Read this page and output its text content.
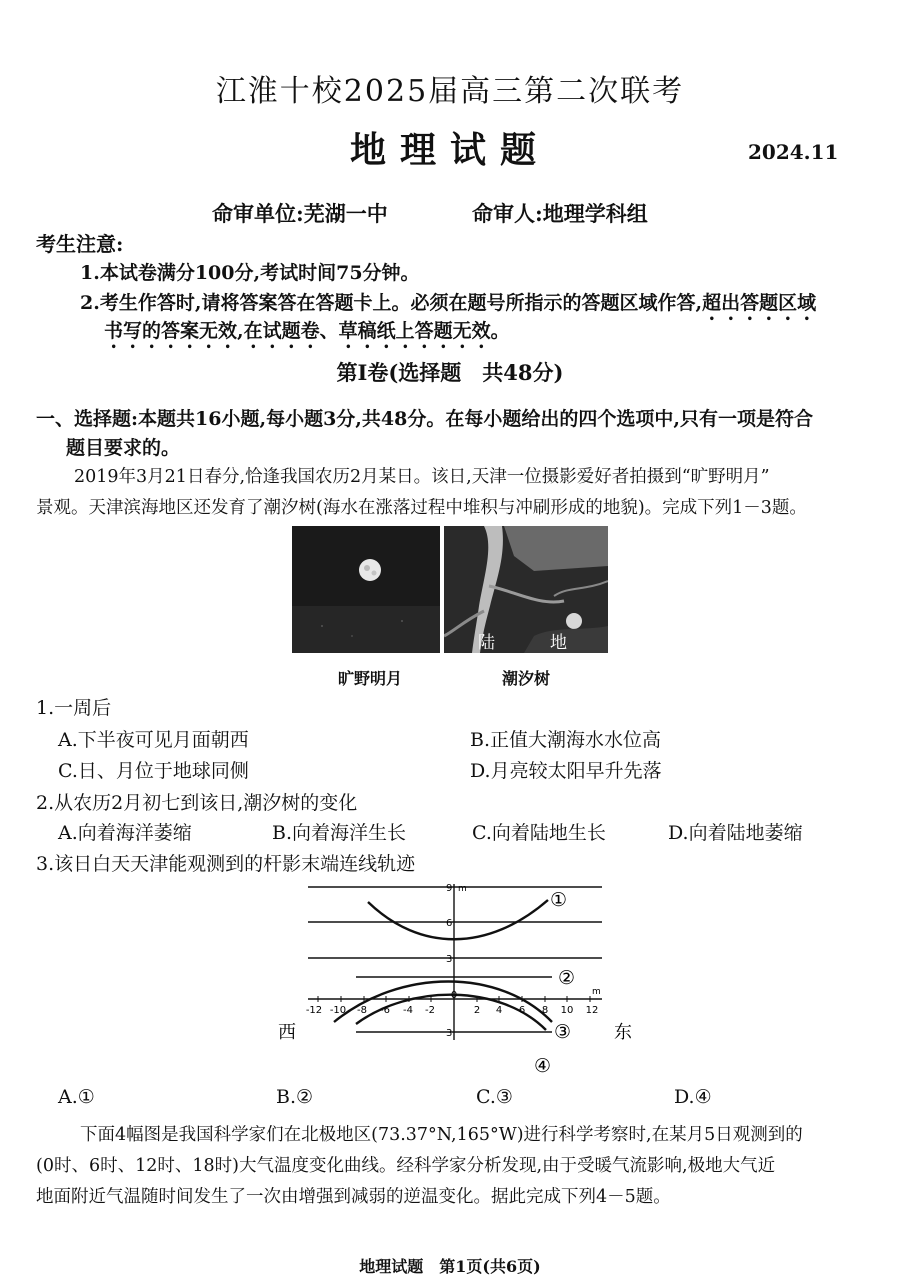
江淮十校2025届高三第二次联考
地理试题	2024.11
命审单位:芜湖一中	命审人:地理学科组
考生注意:
1.本试卷满分100分,考试时间75分钟。
2.考生作答时,请将答案答在答题卡上。必须在题号所指示的答题区域作答,超出答题区域
书写的答案无效,在试题卷、草稿纸上答题无效。
第Ⅰ卷(选择题　共48分)
一、选择题:本题共16小题,每小题3分,共48分。在每小题给出的四个选项中,只有一项是符合
题目要求的。
2019年3月21日春分,恰逢我国农历2月某日。该日,天津一位摄影爱好者拍摄到“旷野明月”
景观。天津滨海地区还发育了潮汐树(海水在涨落过程中堆积与冲刷形成的地貌)。完成下列1－3题。
陆	地
旷野明月	潮汐树
1.一周后
A.下半夜可见月面朝西	B.正值大潮海水水位高
C.日、月位于地球同侧	D.月亮较太阳早升先落
2.从农历2月初七到该日,潮汐树的变化
A.向着海洋萎缩	B.向着海洋生长	C.向着陆地生长	D.向着陆地萎缩
3.该日白天天津能观测到的杆影末端连线轨迹
9 m
6
3
3
-12 -10 -8 -6 -4 -2
0
2 4 6 8 10 12
m
西	东
①
②
③
④
A.①	B.②	C.③	D.④
下面4幅图是我国科学家们在北极地区(73.37°N,165°W)进行科学考察时,在某月5日观测到的
(0时、6时、12时、18时)大气温度变化曲线。经科学家分析发现,由于受暖气流影响,极地大气近
地面附近气温随时间发生了一次由增强到减弱的逆温变化。据此完成下列4－5题。
地理试题　第1页(共6页)
